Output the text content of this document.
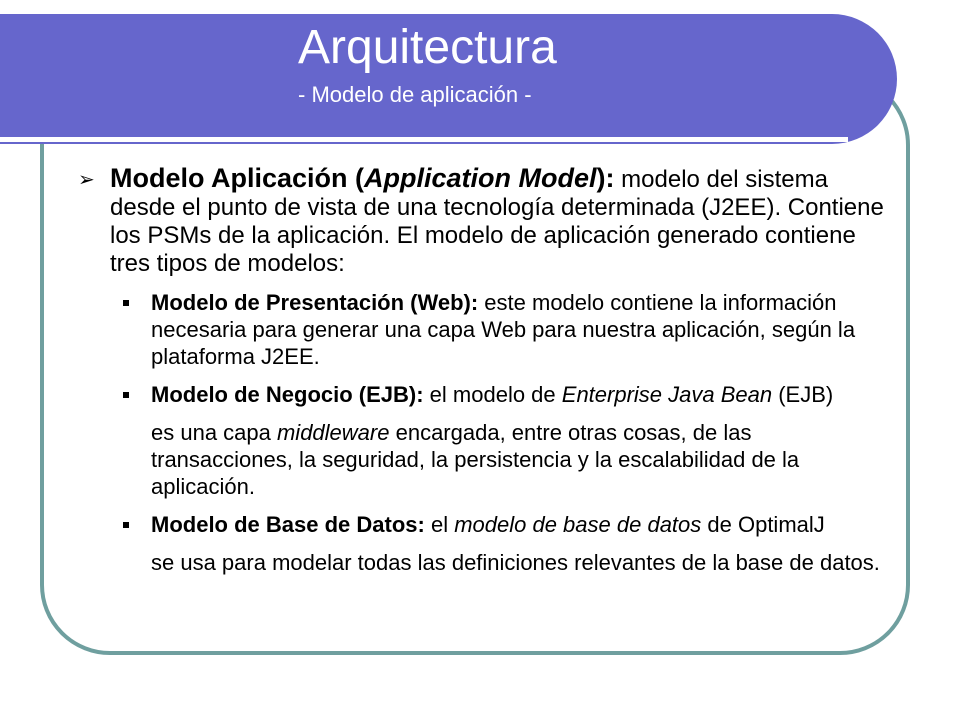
Arquitectura
- Modelo de aplicación -
➢ Modelo Aplicación (Application Model): modelo del sistema desde el punto de vista de una tecnología determinada (J2EE). Contiene los PSMs de la aplicación. El modelo de aplicación generado contiene tres tipos de modelos:
Modelo de Presentación (Web): este modelo contiene la información necesaria para generar una capa Web para nuestra aplicación, según la plataforma J2EE.
Modelo de Negocio (EJB): el modelo de Enterprise Java Bean (EJB)
es una capa middleware encargada, entre otras cosas, de las transacciones, la seguridad, la persistencia y la escalabilidad de la aplicación.
Modelo de Base de Datos: el modelo de base de datos de OptimalJ
se usa para modelar todas las definiciones relevantes de la base de datos.
